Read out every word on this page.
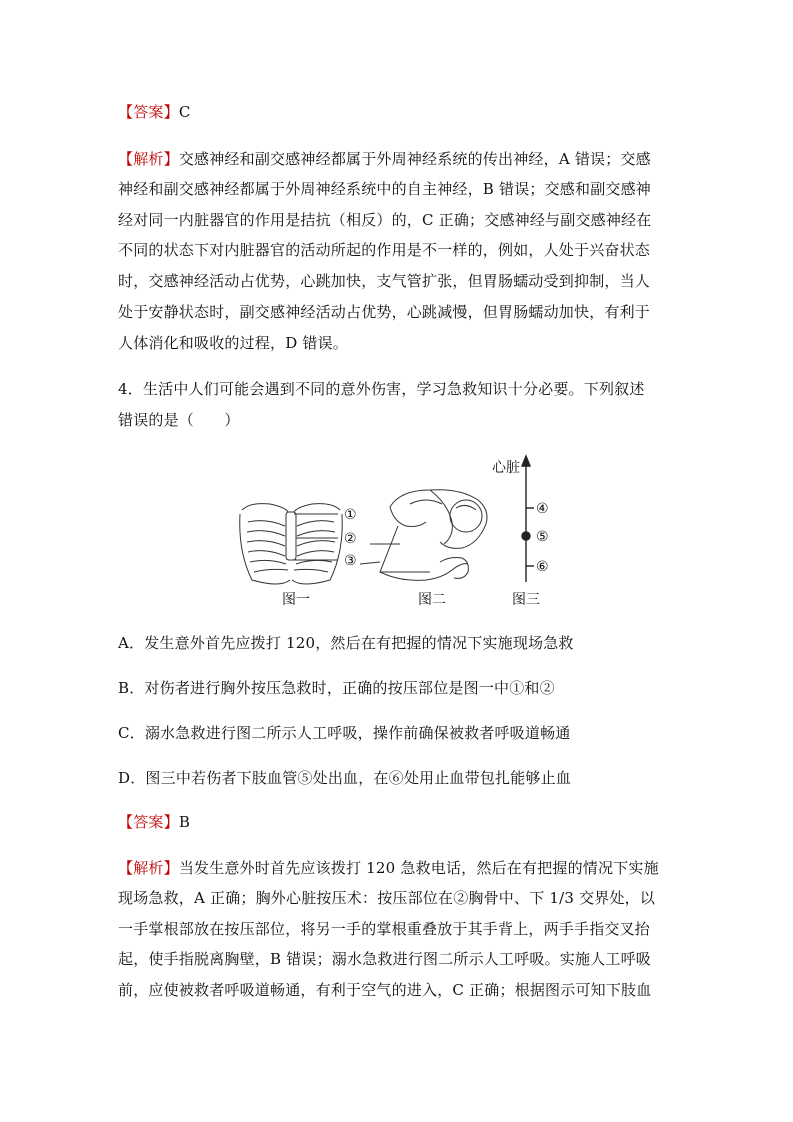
【答案】C
【解析】交感神经和副交感神经都属于外周神经系统的传出神经，A 错误；交感
神经和副交感神经都属于外周神经系统中的自主神经，B 错误；交感和副交感神
经对同一内脏器官的作用是拮抗（相反）的，C 正确；交感神经与副交感神经在
不同的状态下对内脏器官的活动所起的作用是不一样的，例如，人处于兴奋状态
时，交感神经活动占优势，心跳加快，支气管扩张，但胃肠蠕动受到抑制，当人
处于安静状态时，副交感神经活动占优势，心跳减慢，但胃肠蠕动加快，有利于
人体消化和吸收的过程，D 错误。
4．生活中人们可能会遇到不同的意外伤害，学习急救知识十分必要。下列叙述
错误的是（　　）
①
②
③
心脏
④
⑤
⑥
图一	图二	图三
A．发生意外首先应拨打 120，然后在有把握的情况下实施现场急救
B．对伤者进行胸外按压急救时，正确的按压部位是图一中①和②
C．溺水急救进行图二所示人工呼吸，操作前确保被救者呼吸道畅通
D．图三中若伤者下肢血管⑤处出血，在⑥处用止血带包扎能够止血
【答案】B
【解析】当发生意外时首先应该拨打 120 急救电话，然后在有把握的情况下实施
现场急救，A 正确；胸外心脏按压术：按压部位在②胸骨中、下 1/3 交界处，以
一手掌根部放在按压部位，将另一手的掌根重叠放于其手背上，两手手指交叉抬
起，使手指脱离胸壁，B 错误；溺水急救进行图二所示人工呼吸。实施人工呼吸
前，应使被救者呼吸道畅通，有利于空气的进入，C 正确；根据图示可知下肢血
